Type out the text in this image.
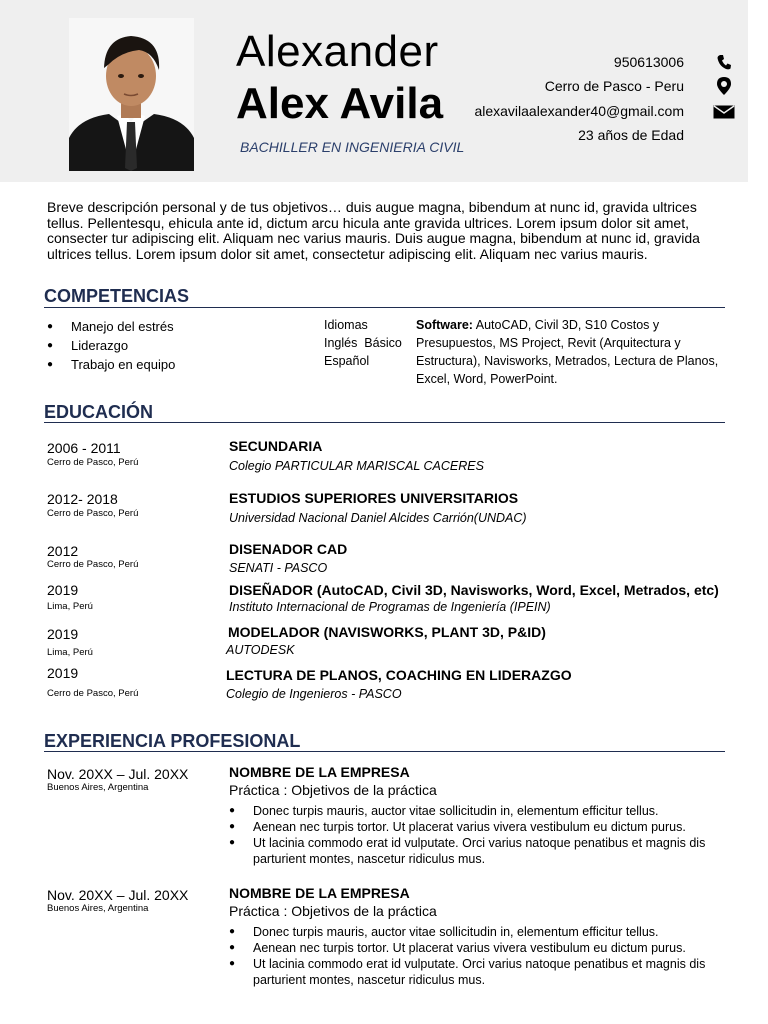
Alexander
Alex Avila
BACHILLER EN INGENIERIA CIVIL
950613006
Cerro de Pasco - Peru
alexavilaalexander40@gmail.com
23 años de Edad
Breve descripción personal y de tus objetivos… duis augue magna, bibendum at nunc id, gravida ultrices tellus. Pellentesqu, ehicula ante id, dictum arcu hicula ante gravida ultrices. Lorem ipsum dolor sit amet, consecter tur adipiscing elit. Aliquam nec varius mauris. Duis augue magna, bibendum at nunc id, gravida ultrices tellus. Lorem ipsum dolor sit amet, consectetur adipiscing elit. Aliquam nec varius mauris.
COMPETENCIAS
●	Manejo del estrés
●	Liderazgo
●	Trabajo en equipo
Idiomas
Inglés  Básico
Español
Software: AutoCAD, Civil 3D, S10 Costos y Presupuestos, MS Project, Revit (Arquitectura y Estructura), Navisworks, Metrados, Lectura de Planos, Excel, Word, PowerPoint.
EDUCACIÓN
2006 - 2011
Cerro de Pasco, Perú
SECUNDARIA
Colegio PARTICULAR MARISCAL CACERES
2012- 2018
Cerro de Pasco, Perú
ESTUDIOS SUPERIORES UNIVERSITARIOS
Universidad Nacional Daniel Alcides Carrión(UNDAC)
2012
Cerro de Pasco, Perú
DISENADOR CAD
SENATI - PASCO
2019
Lima, Perú
DISEÑADOR (AutoCAD, Civil 3D, Navisworks, Word, Excel, Metrados, etc)
Instituto Internacional de Programas de Ingeniería (IPEIN)
2019
Lima, Perú
MODELADOR (NAVISWORKS, PLANT 3D, P&ID)
AUTODESK
2019
Cerro de Pasco, Perú
LECTURA DE PLANOS, COACHING EN LIDERAZGO
Colegio de Ingenieros - PASCO
EXPERIENCIA PROFESIONAL
Nov. 20XX – Jul. 20XX
Buenos Aires, Argentina
NOMBRE DE LA EMPRESA
Práctica : Objetivos de la práctica
● Donec turpis mauris, auctor vitae sollicitudin in, elementum efficitur tellus.
● Aenean nec turpis tortor. Ut placerat varius vivera vestibulum eu dictum purus.
● Ut lacinia commodo erat id vulputate. Orci varius natoque penatibus et magnis dis parturient montes, nascetur ridiculus mus.
Nov. 20XX – Jul. 20XX
Buenos Aires, Argentina
NOMBRE DE LA EMPRESA
Práctica : Objetivos de la práctica
● Donec turpis mauris, auctor vitae sollicitudin in, elementum efficitur tellus.
● Aenean nec turpis tortor. Ut placerat varius vivera vestibulum eu dictum purus.
● Ut lacinia commodo erat id vulputate. Orci varius natoque penatibus et magnis dis parturient montes, nascetur ridiculus mus.
